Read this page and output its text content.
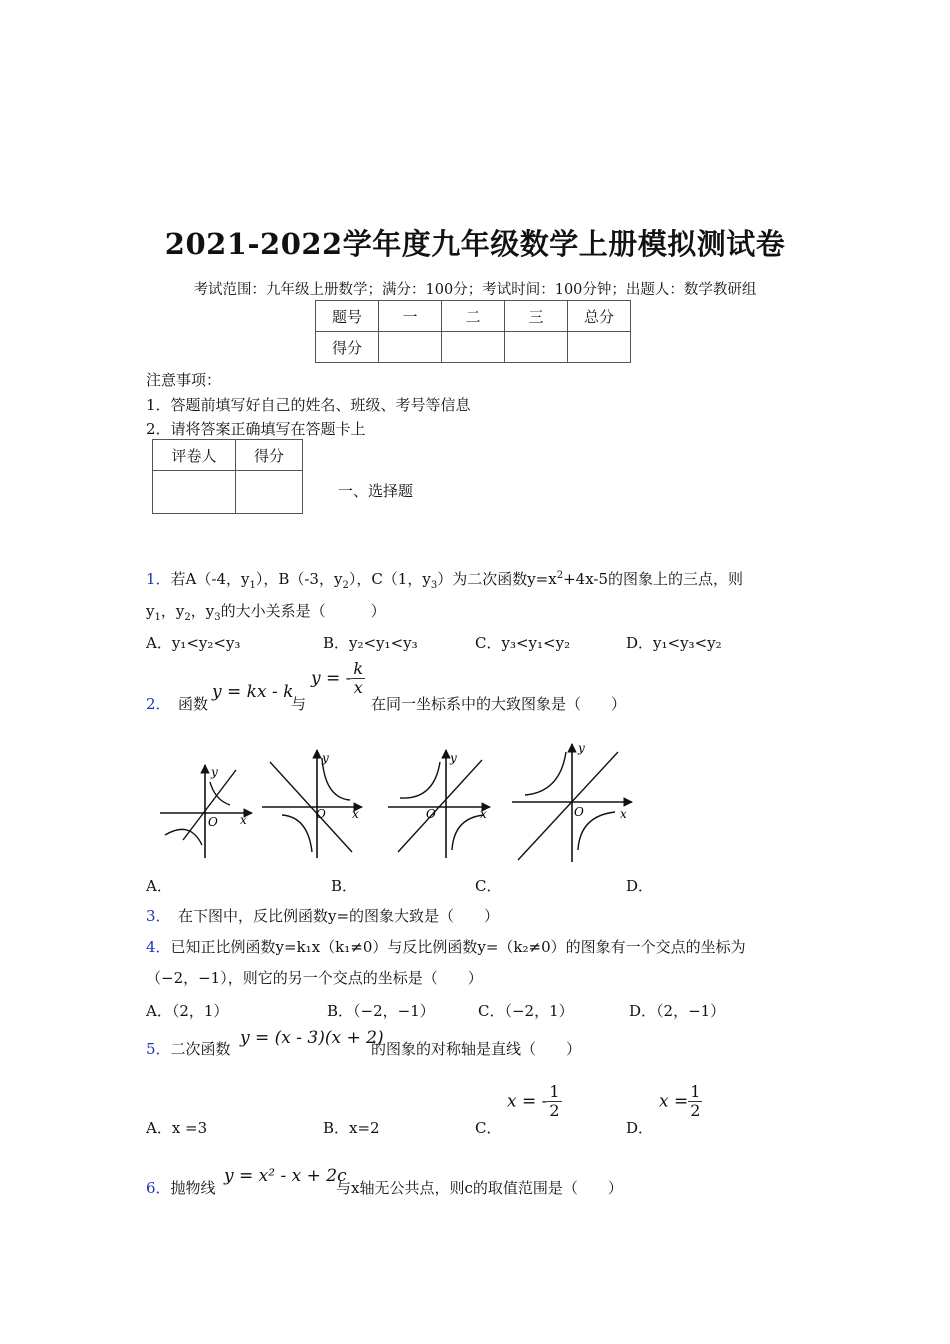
2021-2022学年度九年级数学上册模拟测试卷
考试范围：九年级上册数学；满分：100分；考试时间：100分钟；出题人：数学教研组
题号	一	二	三	总分
得分				
注意事项：
1．答题前填写好自己的姓名、班级、考号等信息
2．请将答案正确填写在答题卡上
评卷人	得分

一、选择题
1．若A（-4，$y_1$），B（-3，$y_2$），C（1，$y_3$）为二次函数$y=x^2+4x-5$的图象上的三点，则
$y_1$，$y_2$，$y_3$的大小关系是（　　　）
A．y₁<y₂<y₃	B．y₂<y₁<y₃	C．y₃<y₁<y₂	D．y₁<y₃<y₂
2． 函数
y = kx - k
与
y = - $\frac{k}{x}$
在同一坐标系中的大致图象是（　　）
O x
y
O x
y
O	x
y
O	x
y
A．	B．	C．	D．
3． 在下图中，反比例函数y=的图象大致是（　　）
4．已知正比例函数y=k₁x（k₁≠0）与反比例函数y=（k₂≠0）的图象有一个交点的坐标为
（−2，−1），则它的另一个交点的坐标是（　　）
A．（2，1）	B．（−2，−1）	C．（−2，1）	D．（2，−1）
5．二次函数
y = (x - 3)(x + 2)
的图象的对称轴是直线（　　）
A．x =3	B．x=2	C．
x = - $\frac{1}{2}$
D．
$x = \frac{1}{2}$
6．抛物线
y = x² - x + 2c
与x轴无公共点，则c的取值范围是（　　）
